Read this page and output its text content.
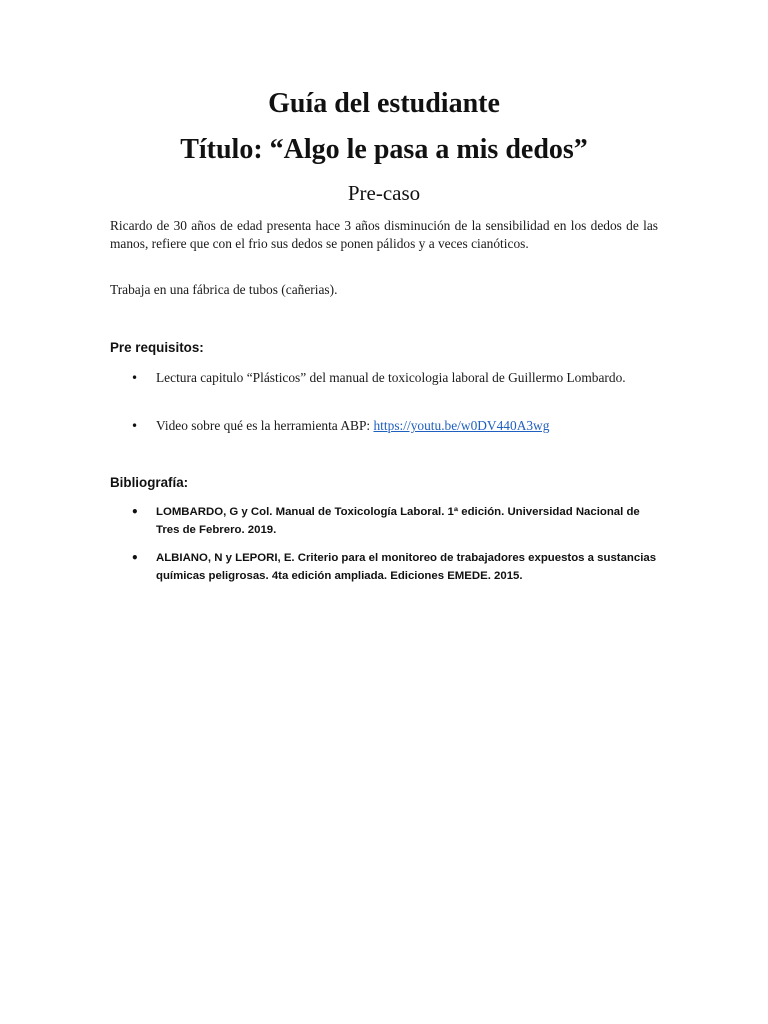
Guía del estudiante
Título: “Algo le pasa a mis dedos”
Pre-caso

Ricardo de 30 años de edad presenta hace 3 años disminución de la sensibilidad en los dedos de las manos, refiere que con el frio sus dedos se ponen pálidos y a veces cianóticos.

Trabaja en una fábrica de tubos (cañerias).

Pre requisitos:
• Lectura capitulo “Plásticos” del manual de toxicologia laboral de Guillermo Lombardo.
• Video sobre qué es la herramienta ABP: https://youtu.be/w0DV440A3wg
Bibliografía:
• LOMBARDO, G y Col. Manual de Toxicología Laboral. 1ª edición. Universidad Nacional de Tres de Febrero. 2019.
• ALBIANO, N y LEPORI, E. Criterio para el monitoreo de trabajadores expuestos a sustancias químicas peligrosas. 4ta edición ampliada. Ediciones EMEDE. 2015.
